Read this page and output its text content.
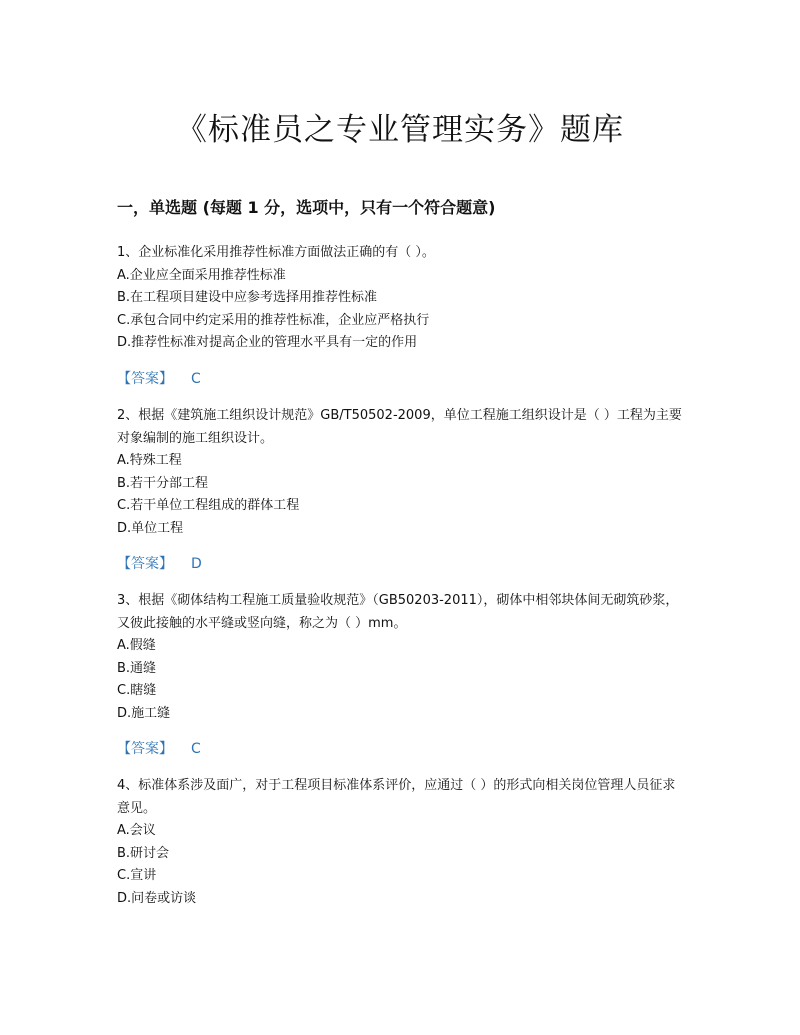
《标准员之专业管理实务》题库
一，单选题 (每题 1 分，选项中，只有一个符合题意)

1、企业标准化采用推荐性标准方面做法正确的有（ ）。

A.企业应全面采用推荐性标准

B.在工程项目建设中应参考选择用推荐性标准

C.承包合同中约定采用的推荐性标准，企业应严格执行

D.推荐性标准对提高企业的管理水平具有一定的作用

【答案】 C

2、根据《建筑施工组织设计规范》GB/T50502-2009，单位工程施工组织设计是（ ）工程为主要对象编制的施工组织设计。

A.特殊工程

B.若干分部工程

C.若干单位工程组成的群体工程

D.单位工程

【答案】 D

3、根据《砌体结构工程施工质量验收规范》（GB50203-2011），砌体中相邻块体间无砌筑砂浆，又彼此接触的水平缝或竖向缝，称之为（ ）mm。

A.假缝

B.通缝

C.瞎缝

D.施工缝

【答案】 C

4、标准体系涉及面广，对于工程项目标准体系评价，应通过（ ）的形式向相关岗位管理人员征求意见。

A.会议

B.研讨会

C.宣讲

D.问卷或访谈
